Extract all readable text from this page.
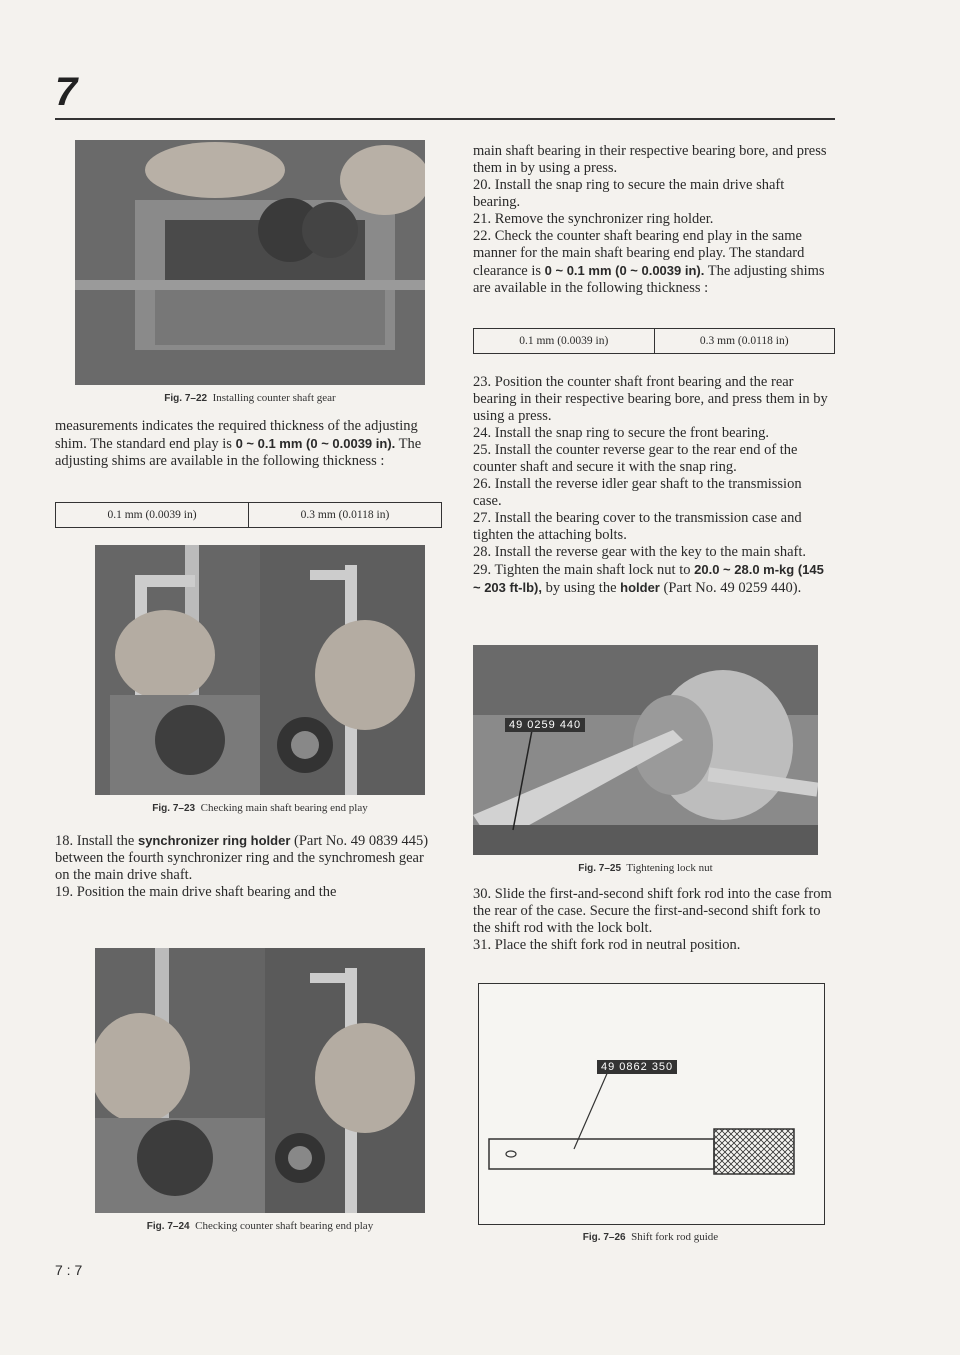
7
Fig. 7–22 Installing counter shaft gear

measurements indicates the required thickness of the adjusting shim. The standard end play is 0 ~ 0.1 mm (0 ~ 0.0039 in). The adjusting shims are available in the following thickness :

0.1 mm (0.0039 in)	0.3 mm (0.0118 in)
Fig. 7–23 Checking main shaft bearing end play

18. Install the synchronizer ring holder (Part No. 49 0839 445) between the fourth synchronizer ring and the synchromesh gear on the main drive shaft.

19. Position the main drive shaft bearing and the

Fig. 7–24 Checking counter shaft bearing end play

main shaft bearing in their respective bearing bore, and press them in by using a press.

20. Install the snap ring to secure the main drive shaft bearing.

21. Remove the synchronizer ring holder.

22. Check the counter shaft bearing end play in the same manner for the main shaft bearing end play. The standard clearance is 0 ~ 0.1 mm (0 ~ 0.0039 in). The adjusting shims are available in the following thickness :

0.1 mm (0.0039 in)	0.3 mm (0.0118 in)

23. Position the counter shaft front bearing and the rear bearing in their respective bearing bore, and press them in by using a press.

24. Install the snap ring to secure the front bearing.

25. Install the counter reverse gear to the rear end of the counter shaft and secure it with the snap ring.

26. Install the reverse idler gear shaft to the transmission case.

27. Install the bearing cover to the transmission case and tighten the attaching bolts.

28. Install the reverse gear with the key to the main shaft.

29. Tighten the main shaft lock nut to 20.0 ~ 28.0 m-kg (145 ~ 203 ft-lb), by using the holder (Part No. 49 0259 440).

49 0259 440
Fig. 7–25 Tightening lock nut

30. Slide the first-and-second shift fork rod into the case from the rear of the case. Secure the first-and-second shift fork to the shift rod with the lock bolt.

31. Place the shift fork rod in neutral position.

49 0862 350
Fig. 7–26 Shift fork rod guide
7 : 7
